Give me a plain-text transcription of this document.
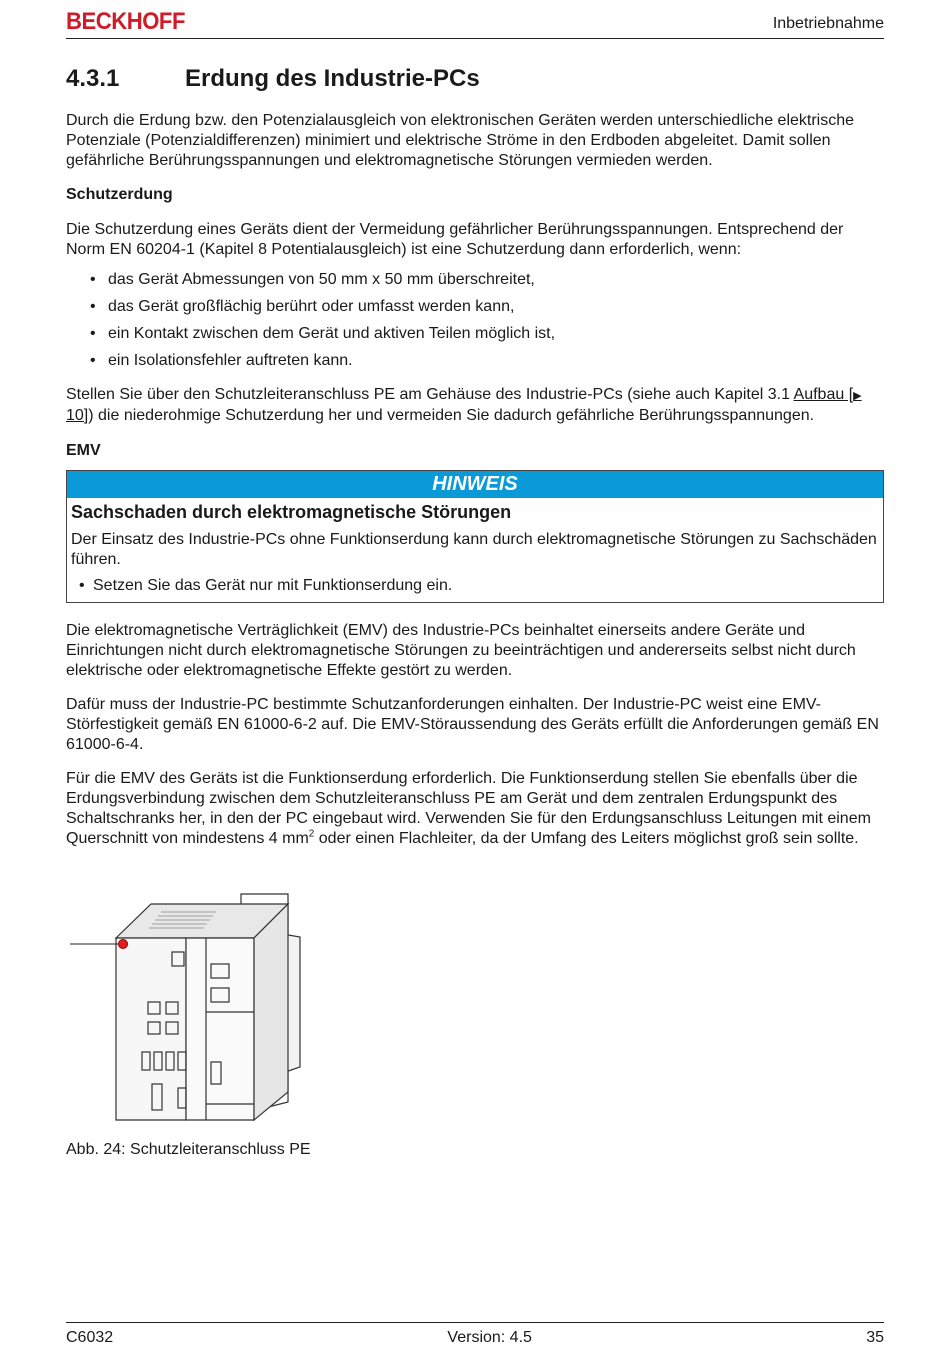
BECKHOFF	Inbetriebnahme
4.3.1	Erdung des Industrie-PCs

Durch die Erdung bzw. den Potenzialausgleich von elektronischen Geräten werden unterschiedliche elektrische Potenziale (Potenzialdifferenzen) minimiert und elektrische Ströme in den Erdboden abgeleitet. Damit sollen gefährliche Berührungsspannungen und elektromagnetische Störungen vermieden werden.

Schutzerdung

Die Schutzerdung eines Geräts dient der Vermeidung gefährlicher Berührungsspannungen. Entsprechend der Norm EN 60204-1 (Kapitel 8 Potentialausgleich) ist eine Schutzerdung dann erforderlich, wenn:

• das Gerät Abmessungen von 50 mm x 50 mm überschreitet,
• das Gerät großflächig berührt oder umfasst werden kann,
• ein Kontakt zwischen dem Gerät und aktiven Teilen möglich ist,
• ein Isolationsfehler auftreten kann.

Stellen Sie über den Schutzleiteranschluss PE am Gehäuse des Industrie-PCs (siehe auch Kapitel 3.1 Aufbau [▶ 10]) die niederohmige Schutzerdung her und vermeiden Sie dadurch gefährliche Berührungsspannungen.

EMV
HINWEIS
Sachschaden durch elektromagnetische Störungen

Der Einsatz des Industrie-PCs ohne Funktionserdung kann durch elektromagnetische Störungen zu Sachschäden führen.

• Setzen Sie das Gerät nur mit Funktionserdung ein.

Die elektromagnetische Verträglichkeit (EMV) des Industrie-PCs beinhaltet einerseits andere Geräte und Einrichtungen nicht durch elektromagnetische Störungen zu beeinträchtigen und andererseits selbst nicht durch elektrische oder elektromagnetische Effekte gestört zu werden.

Dafür muss der Industrie-PC bestimmte Schutzanforderungen einhalten. Der Industrie-PC weist eine EMV-Störfestigkeit gemäß EN 61000-6-2 auf. Die EMV-Störaussendung des Geräts erfüllt die Anforderungen gemäß EN 61000-6-4.

Für die EMV des Geräts ist die Funktionserdung erforderlich. Die Funktionserdung stellen Sie ebenfalls über die Erdungsverbindung zwischen dem Schutzleiteranschluss PE am Gerät und dem zentralen Erdungspunkt des Schaltschranks her, in den der PC eingebaut wird. Verwenden Sie für den Erdungsanschluss Leitungen mit einem Querschnitt von mindestens 4 $mm^2$ oder einen Flachleiter, da der Umfang des Leiters möglichst groß sein sollte.

Abb. 24: Schutzleiteranschluss PE
C6032	Version: 4.5	35
